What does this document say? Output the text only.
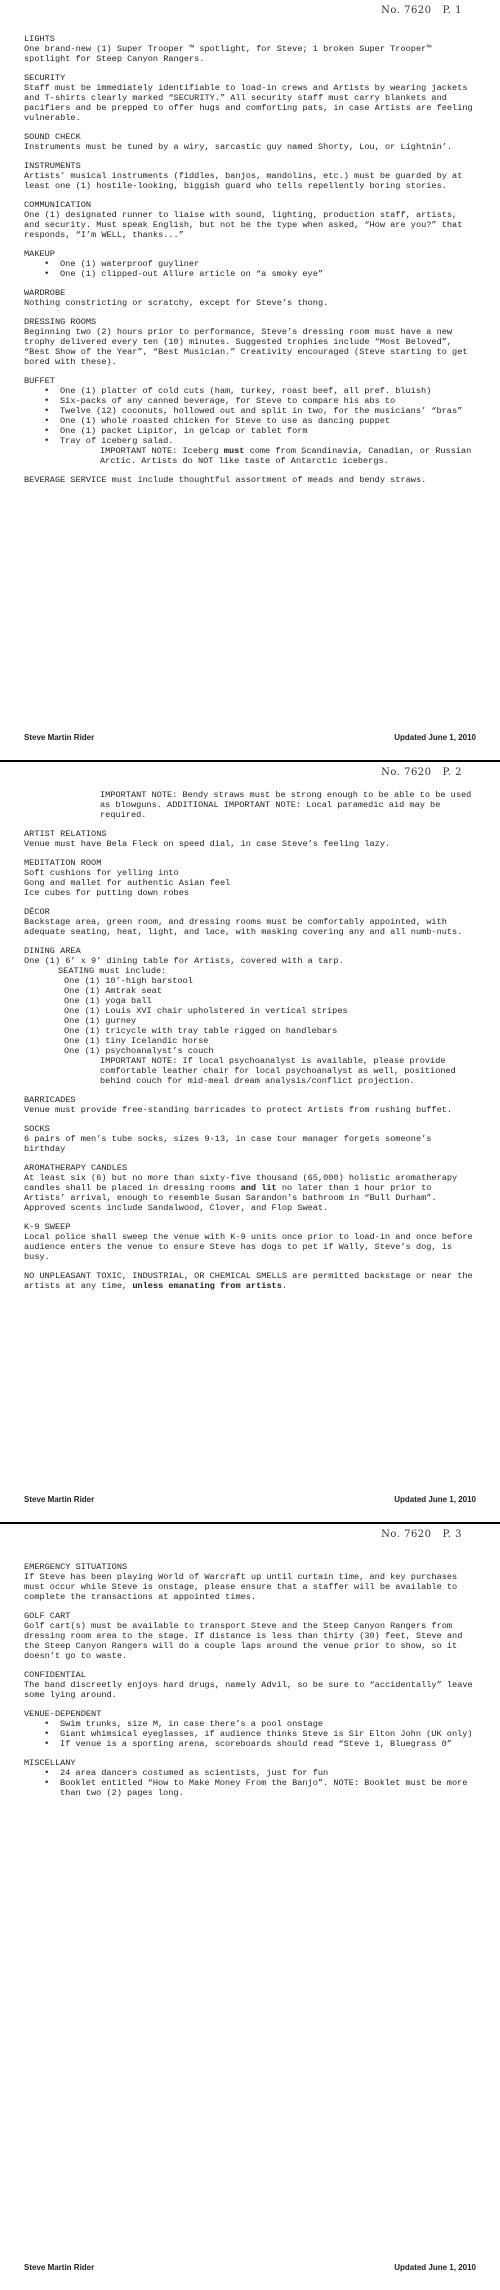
No. 7620 P. 1
LIGHTS
One brand-new (1) Super Trooper ™ spotlight, for Steve; 1 broken Super Trooper™ spotlight for Steep Canyon Rangers.
SECURITY
Staff must be immediately identifiable to load-in crews and Artists by wearing jackets and T-shirts clearly marked “SECURITY.” All security staff must carry blankets and pacifiers and be prepped to offer hugs and comforting pats, in case Artists are feeling vulnerable.
SOUND CHECK
Instruments must be tuned by a wiry, sarcastic guy named Shorty, Lou, or Lightnin’.
INSTRUMENTS
Artists’ musical instruments (fiddles, banjos, mandolins, etc.) must be guarded by at least one (1) hostile-looking, biggish guard who tells repellently boring stories.
COMMUNICATION
One (1) designated runner to liaise with sound, lighting, production staff, artists, and security. Must speak English, but not be the type when asked, “How are you?” that responds, “I’m WELL, thanks...”
MAKEUP
• One (1) waterproof guyliner
• One (1) clipped-out Allure article on “a smoky eye”
WARDROBE
Nothing constricting or scratchy, except for Steve’s thong.
DRESSING ROOMS
Beginning two (2) hours prior to performance, Steve’s dressing room must have a new trophy delivered every ten (10) minutes. Suggested trophies include “Most Beloved”, “Best Show of the Year”, “Best Musician.” Creativity encouraged (Steve starting to get bored with these).
BUFFET
• One (1) platter of cold cuts (ham, turkey, roast beef, all pref. bluish)
• Six-packs of any canned beverage, for Steve to compare his abs to
• Twelve (12) coconuts, hollowed out and split in two, for the musicians’ “bras”
• One (1) whole roasted chicken for Steve to use as dancing puppet
• One (1) packet Lipitor, in gelcap or tablet form
• Tray of iceberg salad.
IMPORTANT NOTE: Iceberg must come from Scandinavia, Canadian, or Russian Arctic. Artists do NOT like taste of Antarctic icebergs.
BEVERAGE SERVICE must include thoughtful assortment of meads and bendy straws.
Steve Martin Rider	Updated June 1, 2010
No. 7620 P. 2
IMPORTANT NOTE: Bendy straws must be strong enough to be able to be used as blowguns. ADDITIONAL IMPORTANT NOTE: Local paramedic aid may be required.
ARTIST RELATIONS
Venue must have Bela Fleck on speed dial, in case Steve’s feeling lazy.
MEDITATION ROOM
Soft cushions for yelling into
Gong and mallet for authentic Asian feel
Ice cubes for putting down robes
DÉCOR
Backstage area, green room, and dressing rooms must be comfortably appointed, with adequate seating, heat, light, and lace, with masking covering any and all numb-nuts.
DINING AREA
One (1) 6’ x 9’ dining table for Artists, covered with a tarp.
SEATING must include:
One (1) 10’-high barstool
One (1) Amtrak seat
One (1) yoga ball
One (1) Louis XVI chair upholstered in vertical stripes
One (1) gurney
One (1) tricycle with tray table rigged on handlebars
One (1) tiny Icelandic horse
One (1) psychoanalyst’s couch
IMPORTANT NOTE: If local psychoanalyst is available, please provide comfortable leather chair for local psychoanalyst as well, positioned behind couch for mid-meal dream analysis/conflict projection.
BARRICADES
Venue must provide free-standing barricades to protect Artists from rushing buffet.
SOCKS
6 pairs of men’s tube socks, sizes 9-13, in case tour manager forgets someone’s birthday
AROMATHERAPY CANDLES
At least six (6) but no more than sixty-five thousand (65,000) holistic aromatherapy candles shall be placed in dressing rooms and lit no later than 1 hour prior to Artists’ arrival, enough to resemble Susan Sarandon’s bathroom in “Bull Durham”. Approved scents include Sandalwood, Clover, and Flop Sweat.
K-9 SWEEP
Local police shall sweep the venue with K-9 units once prior to load-in and once before audience enters the venue to ensure Steve has dogs to pet if Wally, Steve’s dog, is busy.
NO UNPLEASANT TOXIC, INDUSTRIAL, OR CHEMICAL SMELLS are permitted backstage or near the artists at any time, unless emanating from artists.
Steve Martin Rider	Updated June 1, 2010
No. 7620 P. 3
EMERGENCY SITUATIONS
If Steve has been playing World of Warcraft up until curtain time, and key purchases must occur while Steve is onstage, please ensure that a staffer will be available to complete the transactions at appointed times.
GOLF CART
Golf cart(s) must be available to transport Steve and the Steep Canyon Rangers from dressing room area to the stage. If distance is less than thirty (30) feet, Steve and the Steep Canyon Rangers will do a couple laps around the venue prior to show, so it doesn’t go to waste.
CONFIDENTIAL
The band discreetly enjoys hard drugs, namely Advil, so be sure to “accidentally” leave some lying around.
VENUE-DEPENDENT
• Swim trunks, size M, in case there’s a pool onstage
• Giant whimsical eyeglasses, if audience thinks Steve is Sir Elton John (UK only)
• If venue is a sporting arena, scoreboards should read “Steve 1, Bluegrass 0”
MISCELLANY
• 24 area dancers costumed as scientists, just for fun
• Booklet entitled “How to Make Money From the Banjo”. NOTE: Booklet must be more than two (2) pages long.
Steve Martin Rider	Updated June 1, 2010
